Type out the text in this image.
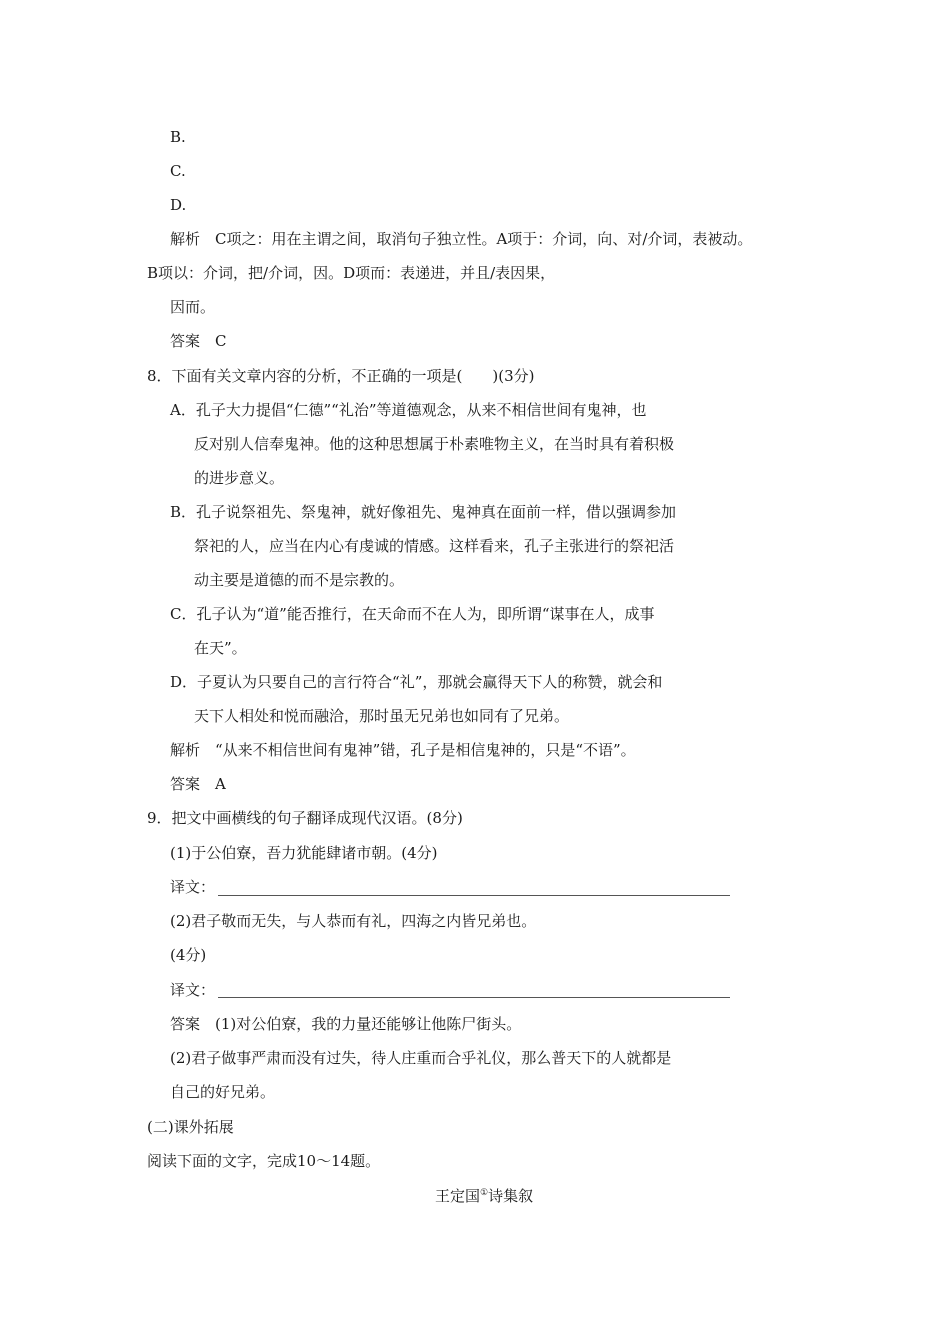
B.
C.
D.
解析　C项之：用在主谓之间，取消句子独立性。A项于：介词，向、对/介词，表被动。
B项以：介词，把/介词，因。D项而：表递进，并且/表因果，
因而。
答案　C
8．下面有关文章内容的分析，不正确的一项是(　　)(3分)
A．孔子大力提倡“仁德”“礼治”等道德观念，从来不相信世间有鬼神，也
反对别人信奉鬼神。他的这种思想属于朴素唯物主义，在当时具有着积极
的进步意义。
B．孔子说祭祖先、祭鬼神，就好像祖先、鬼神真在面前一样，借以强调参加
祭祀的人，应当在内心有虔诚的情感。这样看来，孔子主张进行的祭祀活
动主要是道德的而不是宗教的。
C．孔子认为“道”能否推行，在天命而不在人为，即所谓“谋事在人，成事
在天”。
D．子夏认为只要自己的言行符合“礼”，那就会赢得天下人的称赞，就会和
天下人相处和悦而融洽，那时虽无兄弟也如同有了兄弟。
解析　“从来不相信世间有鬼神”错，孔子是相信鬼神的，只是“不语”。
答案　A
9．把文中画横线的句子翻译成现代汉语。(8分)
(1)于公伯寮，吾力犹能肆诸市朝。(4分)
译文：
(2)君子敬而无失，与人恭而有礼，四海之内皆兄弟也。
(4分)
译文：
答案　(1)对公伯寮，我的力量还能够让他陈尸街头。
(2)君子做事严肃而没有过失，待人庄重而合乎礼仪，那么普天下的人就都是
自己的好兄弟。
(二)课外拓展
阅读下面的文字，完成10～14题。
王定国①诗集叙
